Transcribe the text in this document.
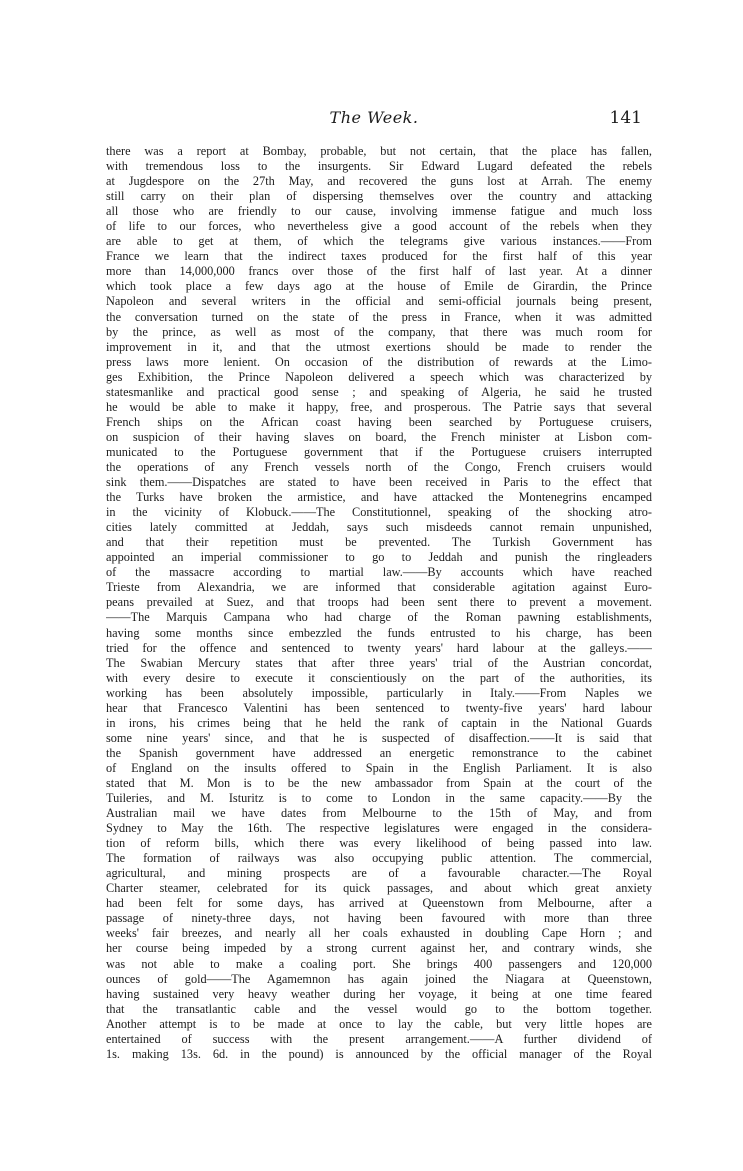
The Week.	141
there was a report at Bombay, probable, but not certain, that the place has fallen,
with tremendous loss to the insurgents. Sir Edward Lugard defeated the rebels
at Jugdespore on the 27th May, and recovered the guns lost at Arrah. The enemy
still carry on their plan of dispersing themselves over the country and attacking
all those who are friendly to our cause, involving immense fatigue and much loss
of life to our forces, who nevertheless give a good account of the rebels when they
are able to get at them, of which the telegrams give various instances.——From
France we learn that the indirect taxes produced for the first half of this year
more than 14,000,000 francs over those of the first half of last year. At a dinner
which took place a few days ago at the house of Emile de Girardin, the Prince
Napoleon and several writers in the official and semi-official journals being present,
the conversation turned on the state of the press in France, when it was admitted
by the prince, as well as most of the company, that there was much room for
improvement in it, and that the utmost exertions should be made to render the
press laws more lenient. On occasion of the distribution of rewards at the Limo-
ges Exhibition, the Prince Napoleon delivered a speech which was characterized by
statesmanlike and practical good sense ; and speaking of Algeria, he said he trusted
he would be able to make it happy, free, and prosperous. The Patrie says that several
French ships on the African coast having been searched by Portuguese cruisers,
on suspicion of their having slaves on board, the French minister at Lisbon com-
municated to the Portuguese government that if the Portuguese cruisers interrupted
the operations of any French vessels north of the Congo, French cruisers would
sink them.——Dispatches are stated to have been received in Paris to the effect that
the Turks have broken the armistice, and have attacked the Montenegrins encamped
in the vicinity of Klobuck.——The Constitutionnel, speaking of the shocking atro-
cities lately committed at Jeddah, says such misdeeds cannot remain unpunished,
and that their repetition must be prevented. The Turkish Government has
appointed an imperial commissioner to go to Jeddah and punish the ringleaders
of the massacre according to martial law.——By accounts which have reached
Trieste from Alexandria, we are informed that considerable agitation against Euro-
peans prevailed at Suez, and that troops had been sent there to prevent a movement.
——The Marquis Campana who had charge of the Roman pawning establishments,
having some months since embezzled the funds entrusted to his charge, has been
tried for the offence and sentenced to twenty years' hard labour at the galleys.——
The Swabian Mercury states that after three years' trial of the Austrian concordat,
with every desire to execute it conscientiously on the part of the authorities, its
working has been absolutely impossible, particularly in Italy.——From Naples we
hear that Francesco Valentini has been sentenced to twenty-five years' hard labour
in irons, his crimes being that he held the rank of captain in the National Guards
some nine years' since, and that he is suspected of disaffection.——It is said that
the Spanish government have addressed an energetic remonstrance to the cabinet
of England on the insults offered to Spain in the English Parliament. It is also
stated that M. Mon is to be the new ambassador from Spain at the court of the
Tuileries, and M. Isturitz is to come to London in the same capacity.——By the
Australian mail we have dates from Melbourne to the 15th of May, and from
Sydney to May the 16th. The respective legislatures were engaged in the considera-
tion of reform bills, which there was every likelihood of being passed into law.
The formation of railways was also occupying public attention. The commercial,
agricultural, and mining prospects are of a favourable character.—The Royal
Charter steamer, celebrated for its quick passages, and about which great anxiety
had been felt for some days, has arrived at Queenstown from Melbourne, after a
passage of ninety-three days, not having been favoured with more than three
weeks' fair breezes, and nearly all her coals exhausted in doubling Cape Horn ; and
her course being impeded by a strong current against her, and contrary winds, she
was not able to make a coaling port. She brings 400 passengers and 120,000
ounces of gold——The Agamemnon has again joined the Niagara at Queenstown,
having sustained very heavy weather during her voyage, it being at one time feared
that the transatlantic cable and the vessel would go to the bottom together.
Another attempt is to be made at once to lay the cable, but very little hopes are
entertained of success with the present arrangement.——A further dividend of
1s. making 13s. 6d. in the pound) is announced by the official manager of the Royal
